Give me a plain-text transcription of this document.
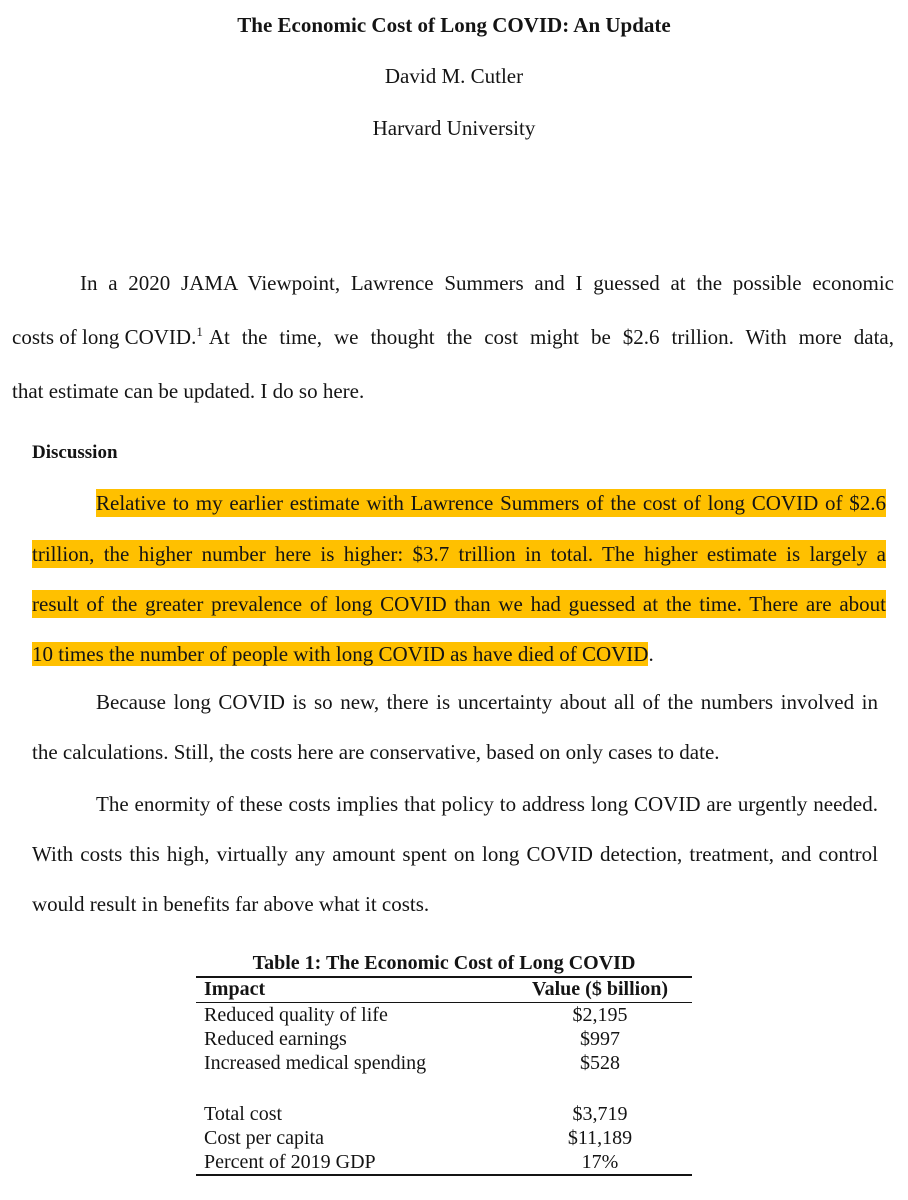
The Economic Cost of Long COVID: An Update
David M. Cutler
Harvard University
In a 2020 JAMA Viewpoint, Lawrence Summers and I guessed at the possible economic
costs of long COVID.$^1$ At the time, we thought the cost might be $2.6 trillion. With more data,
that estimate can be updated. I do so here.
Discussion
Relative to my earlier estimate with Lawrence Summers of the cost of long COVID of $2.6
trillion, the higher number here is higher: $3.7 trillion in total. The higher estimate is largely a
result of the greater prevalence of long COVID than we had guessed at the time. There are about
10 times the number of people with long COVID as have died of COVID.
Because long COVID is so new, there is uncertainty about all of the numbers involved in
the calculations. Still, the costs here are conservative, based on only cases to date.
The enormity of these costs implies that policy to address long COVID are urgently needed.
With costs this high, virtually any amount spent on long COVID detection, treatment, and control
would result in benefits far above what it costs.
Table 1: The Economic Cost of Long COVID
Impact	Value ($ billion)
Reduced quality of life	$2,195
Reduced earnings	$997
Increased medical spending	$528
Total cost	$3,719
Cost per capita	$11,189
Percent of 2019 GDP	17%
